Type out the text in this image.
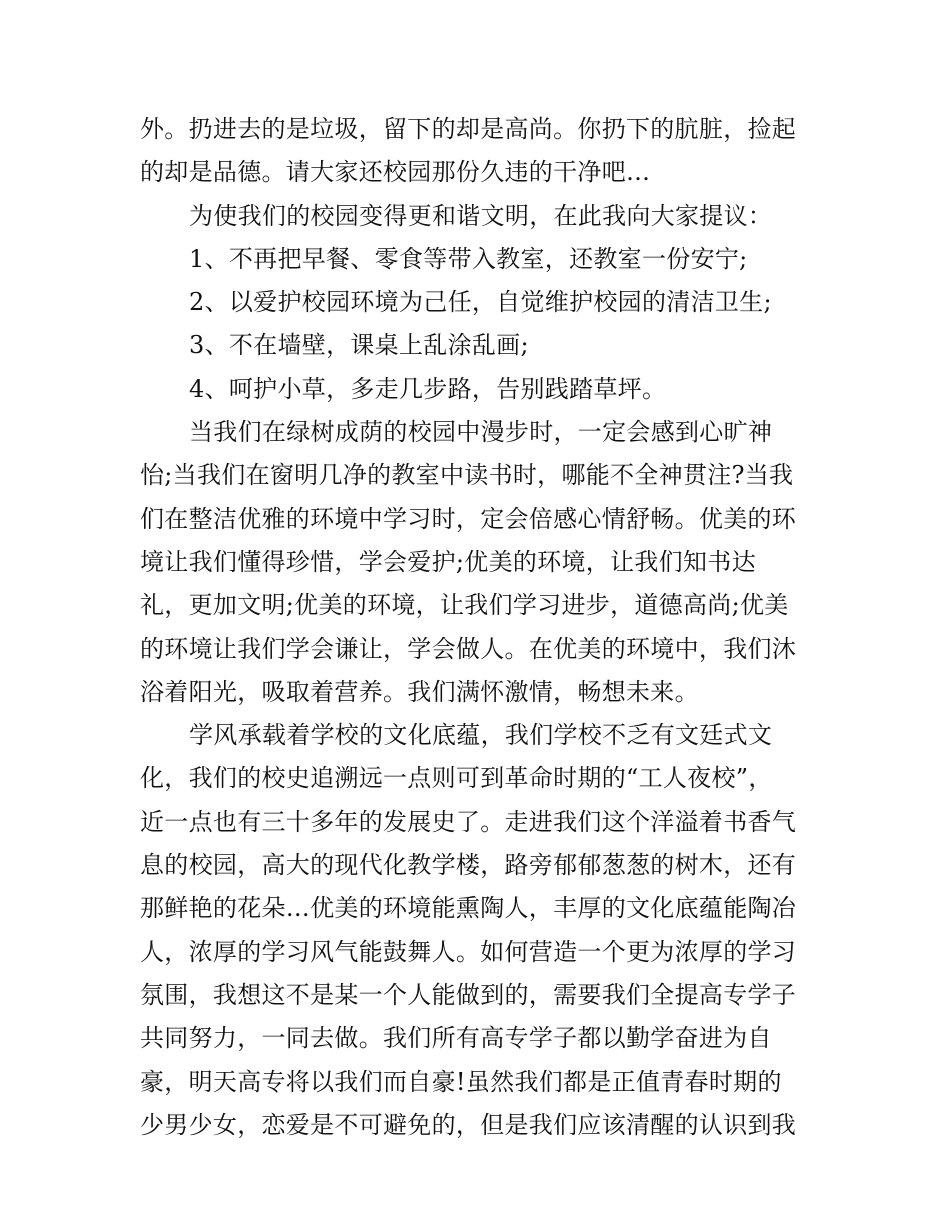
外。扔进去的是垃圾，留下的却是高尚。你扔下的肮脏，捡起
的却是品德。请大家还校园那份久违的干净吧…
为使我们的校园变得更和谐文明，在此我向大家提议：
1、不再把早餐、零食等带入教室，还教室一份安宁;
2、以爱护校园环境为己任，自觉维护校园的清洁卫生;
3、不在墙壁，课桌上乱涂乱画;
4、呵护小草，多走几步路，告别践踏草坪。
当我们在绿树成荫的校园中漫步时，一定会感到心旷神
怡;当我们在窗明几净的教室中读书时，哪能不全神贯注?当我
们在整洁优雅的环境中学习时，定会倍感心情舒畅。优美的环
境让我们懂得珍惜，学会爱护;优美的环境，让我们知书达
礼，更加文明;优美的环境，让我们学习进步，道德高尚;优美
的环境让我们学会谦让，学会做人。在优美的环境中，我们沐
浴着阳光，吸取着营养。我们满怀激情，畅想未来。
学风承载着学校的文化底蕴，我们学校不乏有文廷式文
化，我们的校史追溯远一点则可到革命时期的“工人夜校”，
近一点也有三十多年的发展史了。走进我们这个洋溢着书香气
息的校园，高大的现代化教学楼，路旁郁郁葱葱的树木，还有
那鲜艳的花朵…优美的环境能熏陶人，丰厚的文化底蕴能陶冶
人，浓厚的学习风气能鼓舞人。如何营造一个更为浓厚的学习
氛围，我想这不是某一个人能做到的，需要我们全提高专学子
共同努力，一同去做。我们所有高专学子都以勤学奋进为自
豪，明天高专将以我们而自豪!虽然我们都是正值青春时期的
少男少女，恋爱是不可避免的，但是我们应该清醒的认识到我
